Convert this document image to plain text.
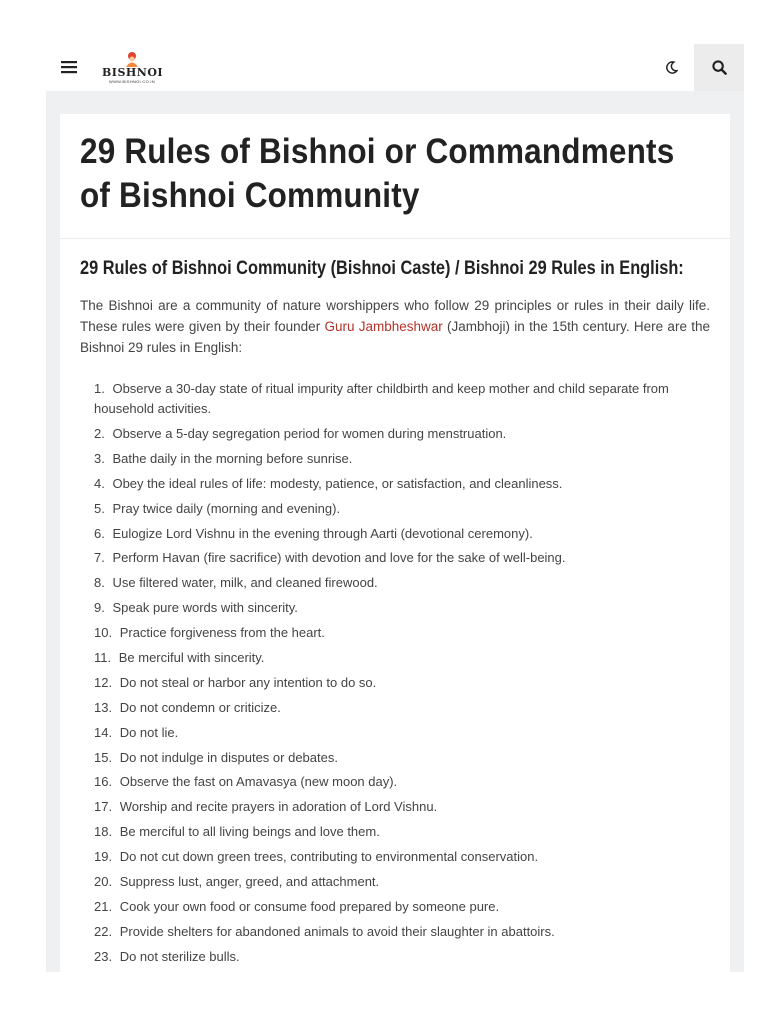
BISHNOI
WWW.BISHNOI.CO.IN
29 Rules of Bishnoi or Commandments of Bishnoi Community
29 Rules of Bishnoi Community (Bishnoi Caste) / Bishnoi 29 Rules in English:

The Bishnoi are a community of nature worshippers who follow 29 principles or rules in their daily life. These rules were given by their founder Guru Jambheshwar (Jambhoji) in the 15th century. Here are the Bishnoi 29 rules in English:

1. Observe a 30-day state of ritual impurity after childbirth and keep mother and child separate from household activities.
2. Observe a 5-day segregation period for women during menstruation.
3. Bathe daily in the morning before sunrise.
4. Obey the ideal rules of life: modesty, patience, or satisfaction, and cleanliness.
5. Pray twice daily (morning and evening).
6. Eulogize Lord Vishnu in the evening through Aarti (devotional ceremony).
7. Perform Havan (fire sacrifice) with devotion and love for the sake of well-being.
8. Use filtered water, milk, and cleaned firewood.
9. Speak pure words with sincerity.
10. Practice forgiveness from the heart.
11. Be merciful with sincerity.
12. Do not steal or harbor any intention to do so.
13. Do not condemn or criticize.
14. Do not lie.
15. Do not indulge in disputes or debates.
16. Observe the fast on Amavasya (new moon day).
17. Worship and recite prayers in adoration of Lord Vishnu.
18. Be merciful to all living beings and love them.
19. Do not cut down green trees, contributing to environmental conservation.
20. Suppress lust, anger, greed, and attachment.
21. Cook your own food or consume food prepared by someone pure.
22. Provide shelters for abandoned animals to avoid their slaughter in abattoirs.
23. Do not sterilize bulls.
